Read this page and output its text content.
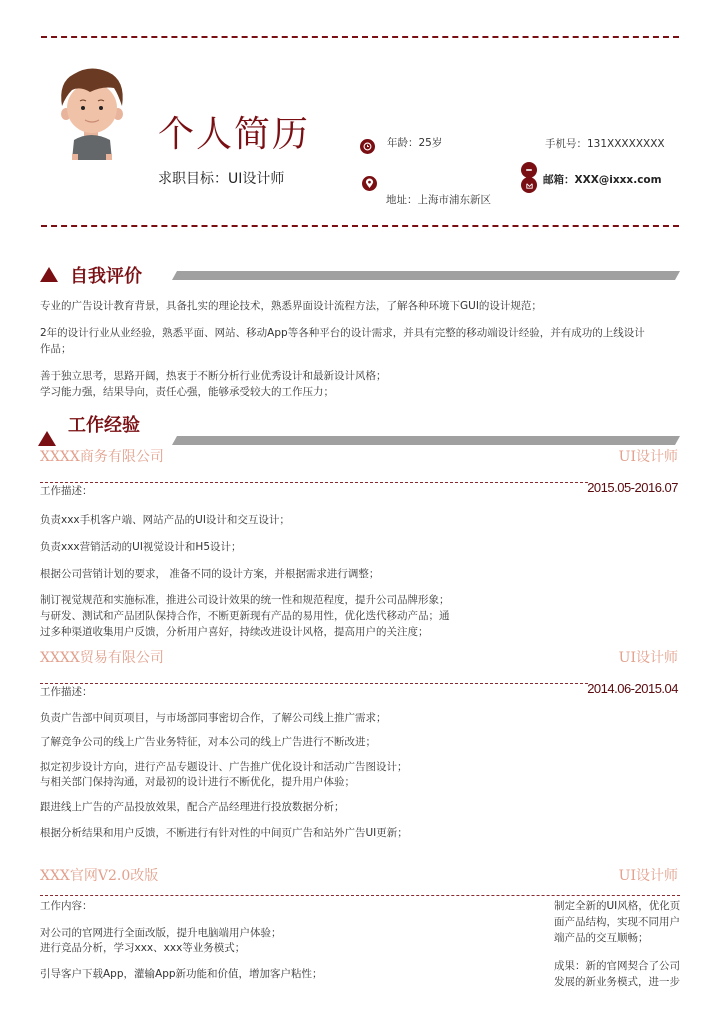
个人简历
求职目标：UI设计师
年龄：25岁	手机号：131XXXXXXXX
地址：上海市浦东新区
邮箱：XXX@ixxx.com
自我评价
专业的广告设计教育背景，具备扎实的理论技术，熟悉界面设计流程方法，了解各种环境下GUI的设计规范；
2年的设计行业从业经验，熟悉平面、网站、移动App等各种平台的设计需求，并具有完整的移动端设计经验，并有成功的上线设计
作品；
善于独立思考，思路开阔，热衷于不断分析行业优秀设计和最新设计风格；
学习能力强，结果导向，责任心强，能够承受较大的工作压力；
工作经验
XXXX商务有限公司	UI设计师
工作描述：	2015.05-2016.07
负责xxx手机客户端、网站产品的UI设计和交互设计；
负责xxx营销活动的UI视觉设计和H5设计；
根据公司营销计划的要求， 准备不同的设计方案，并根据需求进行调整；
制订视觉规范和实施标准，推进公司设计效果的统一性和规范程度，提升公司品牌形象；
与研发、测试和产品团队保持合作，不断更新现有产品的易用性，优化迭代移动产品；通
过多种渠道收集用户反馈，分析用户喜好，持续改进设计风格，提高用户的关注度；
XXXX贸易有限公司	UI设计师
工作描述：	2014.06-2015.04
负责广告部中间页项目，与市场部同事密切合作，了解公司线上推广需求；
了解竞争公司的线上广告业务特征，对本公司的线上广告进行不断改进；
拟定初步设计方向，进行产品专题设计、广告推广优化设计和活动广告图设计；
与相关部门保持沟通，对最初的设计进行不断优化，提升用户体验；
跟进线上广告的产品投放效果，配合产品经理进行投放数据分析；
根据分析结果和用户反馈，不断进行有针对性的中间页广告和站外广告UI更新；
XXX官网V2.0改版	UI设计师
工作内容：
对公司的官网进行全面改版，提升电脑端用户体验；
进行竞品分析，学习xxx、xxx等业务模式；
引导客户下载App，灌输App新功能和价值，增加客户粘性；
制定全新的UI风格，优化页
面产品结构，实现不同用户
端产品的交互顺畅；
成果：新的官网契合了公司
发展的新业务模式，进一步
